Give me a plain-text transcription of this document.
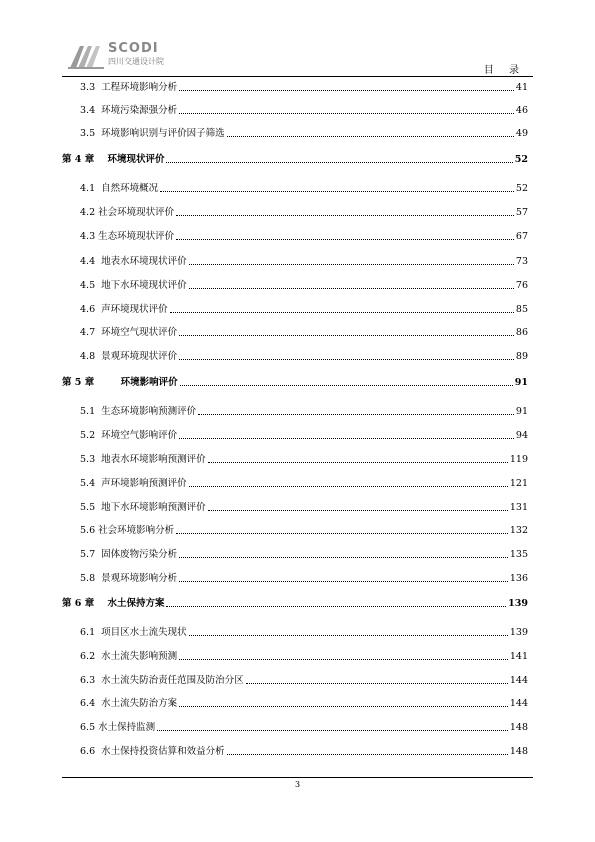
SCODI
四川交通设计院
目 录
3.3  工程环境影响分析	41
3.4  环境污染源强分析	46
3.5  环境影响识别与评价因子筛选	49
第 4 章    环境现状评价	52
4.1  自然环境概况	52
4.2 社会环境现状评价	57
4.3 生态环境现状评价	67
4.4  地表水环境现状评价	73
4.5  地下水环境现状评价	76
4.6  声环境现状评价	85
4.7  环境空气现状评价	86
4.8  景观环境现状评价	89
第 5 章        环境影响评价	91
5.1  生态环境影响预测评价	91
5.2  环境空气影响评价	94
5.3  地表水环境影响预测评价	119
5.4  声环境影响预测评价	121
5.5  地下水环境影响预测评价	131
5.6 社会环境影响分析	132
5.7  固体废物污染分析	135
5.8  景观环境影响分析	136
第 6 章    水土保持方案	139
6.1  项目区水土流失现状	139
6.2  水土流失影响预测	141
6.3  水土流失防治责任范围及防治分区	144
6.4  水土流失防治方案	144
6.5 水土保持监测	148
6.6  水土保持投资估算和效益分析	148
3
